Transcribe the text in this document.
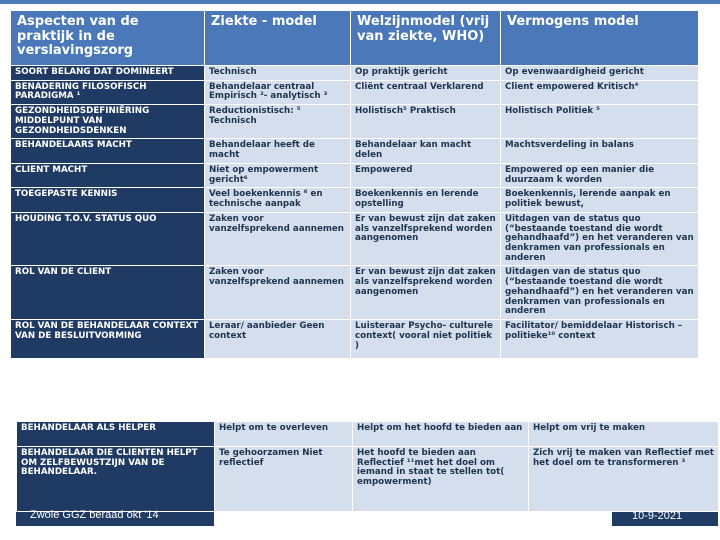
Aspecten van de praktijk in de verslavingszorg	Ziekte - model	Welzijnmodel (vrij van ziekte, WHO)	Vermogens model
SOORT BELANG DAT DOMINEERT	Technisch	Op praktijk gericht	Op evenwaardigheid gericht
BENADERING FILOSOFISCH PARADIGMA ¹	Behandelaar centraal Empirisch ²- analytisch ³	Cliënt centraal Verklarend	Client empowered Kritisch⁴
GEZONDHEIDSDEFINIËRING MIDDELPUNT VAN GEZONDHEIDSDENKEN	Reductionistisch: ⁵ Technisch	Holistisch⁵ Praktisch	Holistisch Politiek ⁵
BEHANDELAARS MACHT	Behandelaar heeft de macht	Behandelaar kan macht delen	Machtsverdeling in balans
CLIENT MACHT	Niet op empowerment gericht⁶	Empowered	Empowered op een manier die duurzaam k worden
TOEGEPASTE KENNIS	Veel boekenkennis ⁶ en technische aanpak	Boekenkennis en lerende opstelling	Boekenkennis, lerende aanpak en politiek bewust,
HOUDING T.O.V. STATUS QUO	Zaken voor vanzelfsprekend aannemen	Er van bewust zijn dat zaken als vanzelfsprekend worden aangenomen	Uitdagen van de status quo (“bestaande toestand die wordt gehandhaafd”) en het veranderen van denkramen van professionals en anderen
ROL VAN DE CLIENT	Zaken voor vanzelfsprekend aannemen	Er van bewust zijn dat zaken als vanzelfsprekend worden aangenomen	Uitdagen van de status quo (“bestaande toestand die wordt gehandhaafd”) en het veranderen van denkramen van professionals en anderen
ROL VAN DE BEHANDELAAR CONTEXT VAN DE BESLUITVORMING	Leraar/ aanbieder Geen context	Luisteraar Psycho- culturele context( vooral niet politiek )	Facilitator/ bemiddelaar Historisch –politieke¹⁰ context
BEHANDELAAR ALS HELPER	Helpt om te overleven	Helpt om het hoofd te bieden aan	Helpt om vrij te maken
BEHANDELAAR DIE CLIENTEN HELPT OM ZELFBEWUSTZIJN VAN DE BEHANDELAAR.	Te gehoorzamen Niet reflectief	Het hoofd te bieden aan Reflectief ¹¹met het doel om iemand in staat te stellen tot( empowerment)	Zich vrij te maken van Reflectief met het doel om te transformeren ³
Zwole GGZ beraad okt '14	10-9-2021
